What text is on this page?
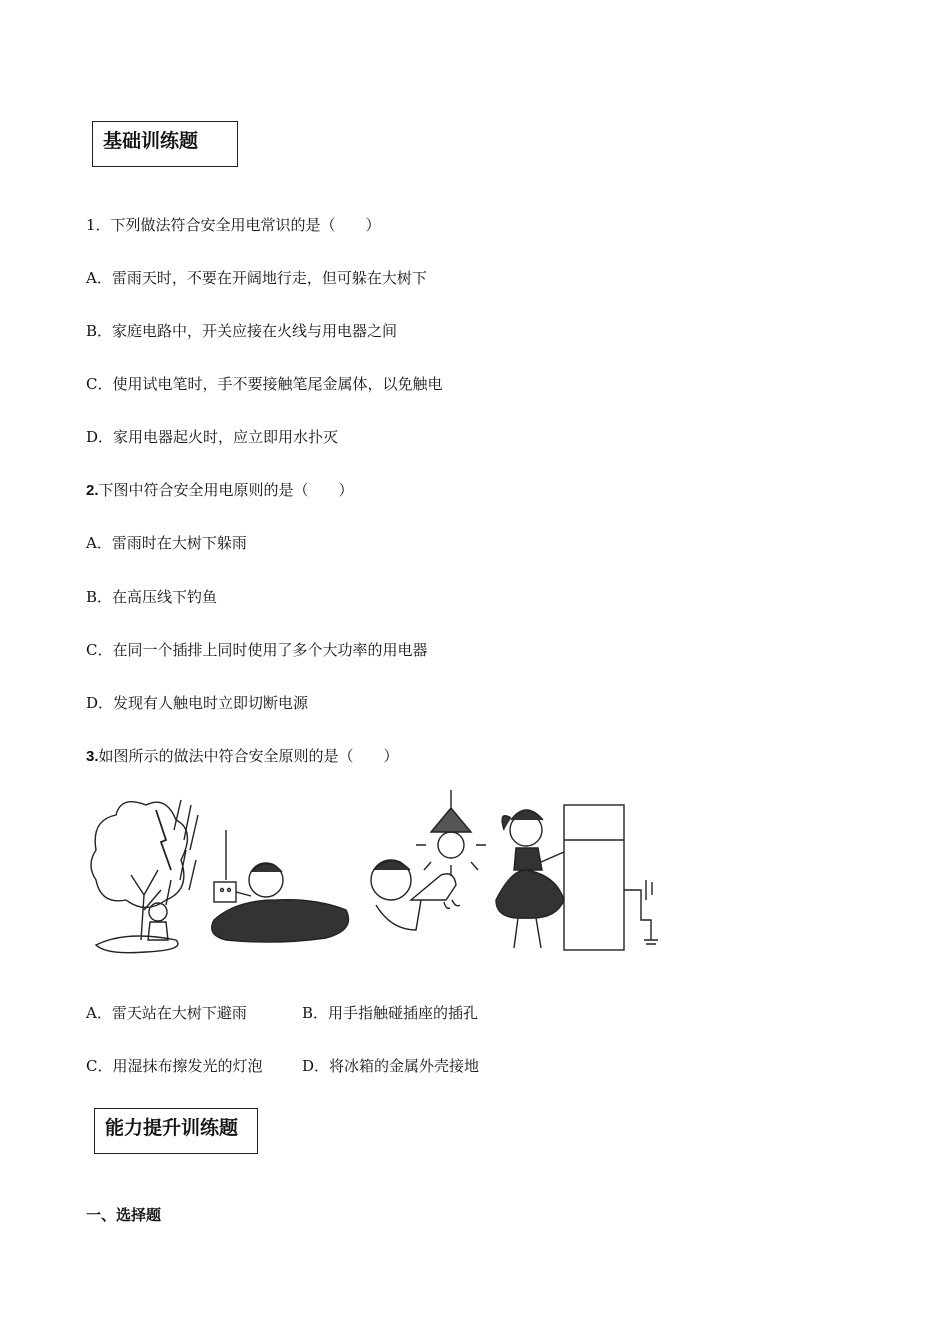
基础训练题
1．下列做法符合安全用电常识的是（　　）
A．雷雨天时，不要在开阔地行走，但可躲在大树下
B．家庭电路中，开关应接在火线与用电器之间
C．使用试电笔时，手不要接触笔尾金属体，以免触电
D．家用电器起火时，应立即用水扑灭
2.下图中符合安全用电原则的是（　　）
A．雷雨时在大树下躲雨
B．在高压线下钓鱼
C．在同一个插排上同时使用了多个大功率的用电器
D．发现有人触电时立即切断电源
3.如图所示的做法中符合安全原则的是（　　）
A．雷天站在大树下避雨	B．用手指触碰插座的插孔
C．用湿抹布擦发光的灯泡	D．将冰箱的金属外壳接地
能力提升训练题
一、选择题
